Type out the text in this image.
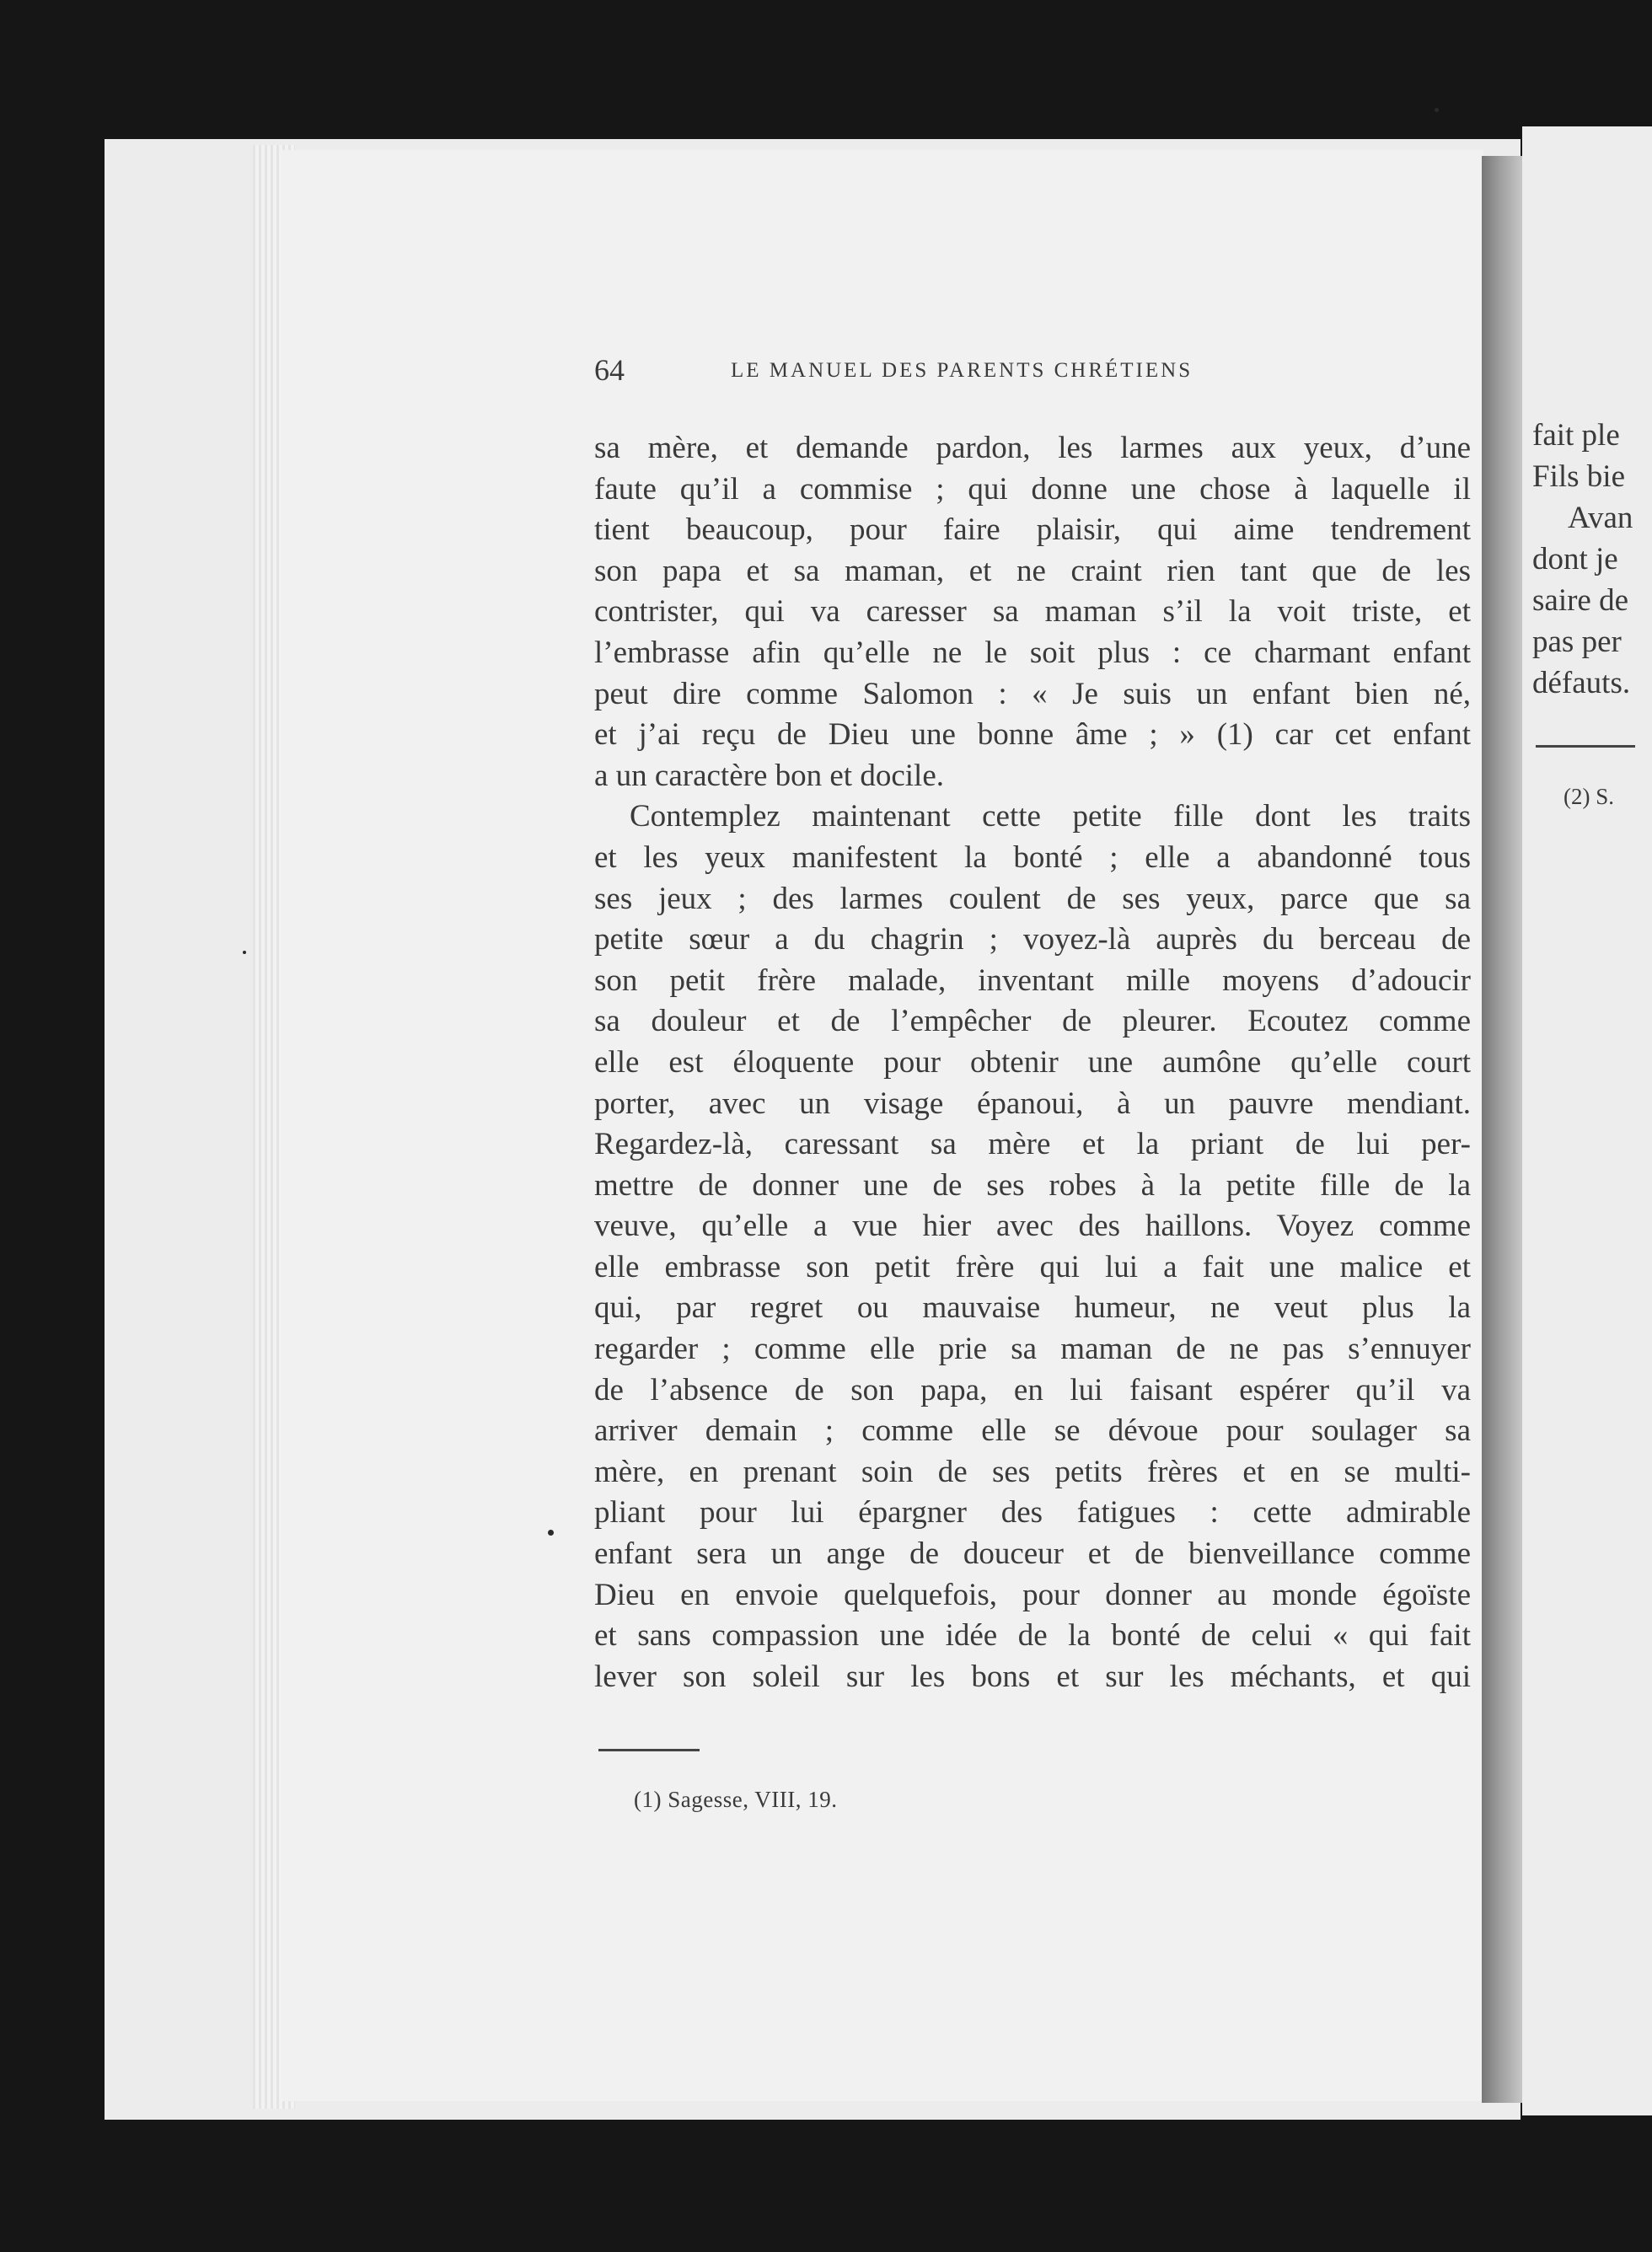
64	LE MANUEL DES PARENTS CHRÉTIENS
sa mère, et demande pardon, les larmes aux yeux, d’une
faute qu’il a commise ; qui donne une chose à laquelle il
tient beaucoup, pour faire plaisir, qui aime tendrement
son papa et sa maman, et ne craint rien tant que de les
contrister, qui va caresser sa maman s’il la voit triste, et
l’embrasse afin qu’elle ne le soit plus : ce charmant enfant
peut dire comme Salomon : « Je suis un enfant bien né,
et j’ai reçu de Dieu une bonne âme ; » (1) car cet enfant
a un caractère bon et docile.
Contemplez maintenant cette petite fille dont les traits
et les yeux manifestent la bonté ; elle a abandonné tous
ses jeux ; des larmes coulent de ses yeux, parce que sa
petite sœur a du chagrin ; voyez-là auprès du berceau de
son petit frère malade, inventant mille moyens d’adoucir
sa douleur et de l’empêcher de pleurer. Ecoutez comme
elle est éloquente pour obtenir une aumône qu’elle court
porter, avec un visage épanoui, à un pauvre mendiant.
Regardez-là, caressant sa mère et la priant de lui per-
mettre de donner une de ses robes à la petite fille de la
veuve, qu’elle a vue hier avec des haillons. Voyez comme
elle embrasse son petit frère qui lui a fait une malice et
qui, par regret ou mauvaise humeur, ne veut plus la
regarder ; comme elle prie sa maman de ne pas s’ennuyer
de l’absence de son papa, en lui faisant espérer qu’il va
arriver demain ; comme elle se dévoue pour soulager sa
mère, en prenant soin de ses petits frères et en se multi-
pliant pour lui épargner des fatigues : cette admirable
enfant sera un ange de douceur et de bienveillance comme
Dieu en envoie quelquefois, pour donner au monde égoïste
et sans compassion une idée de la bonté de celui « qui fait
lever son soleil sur les bons et sur les méchants, et qui
(1) Sagesse, VIII, 19.
fait ple
Fils bie
Avan
dont je
saire de
pas per
défauts.
(2) S.
